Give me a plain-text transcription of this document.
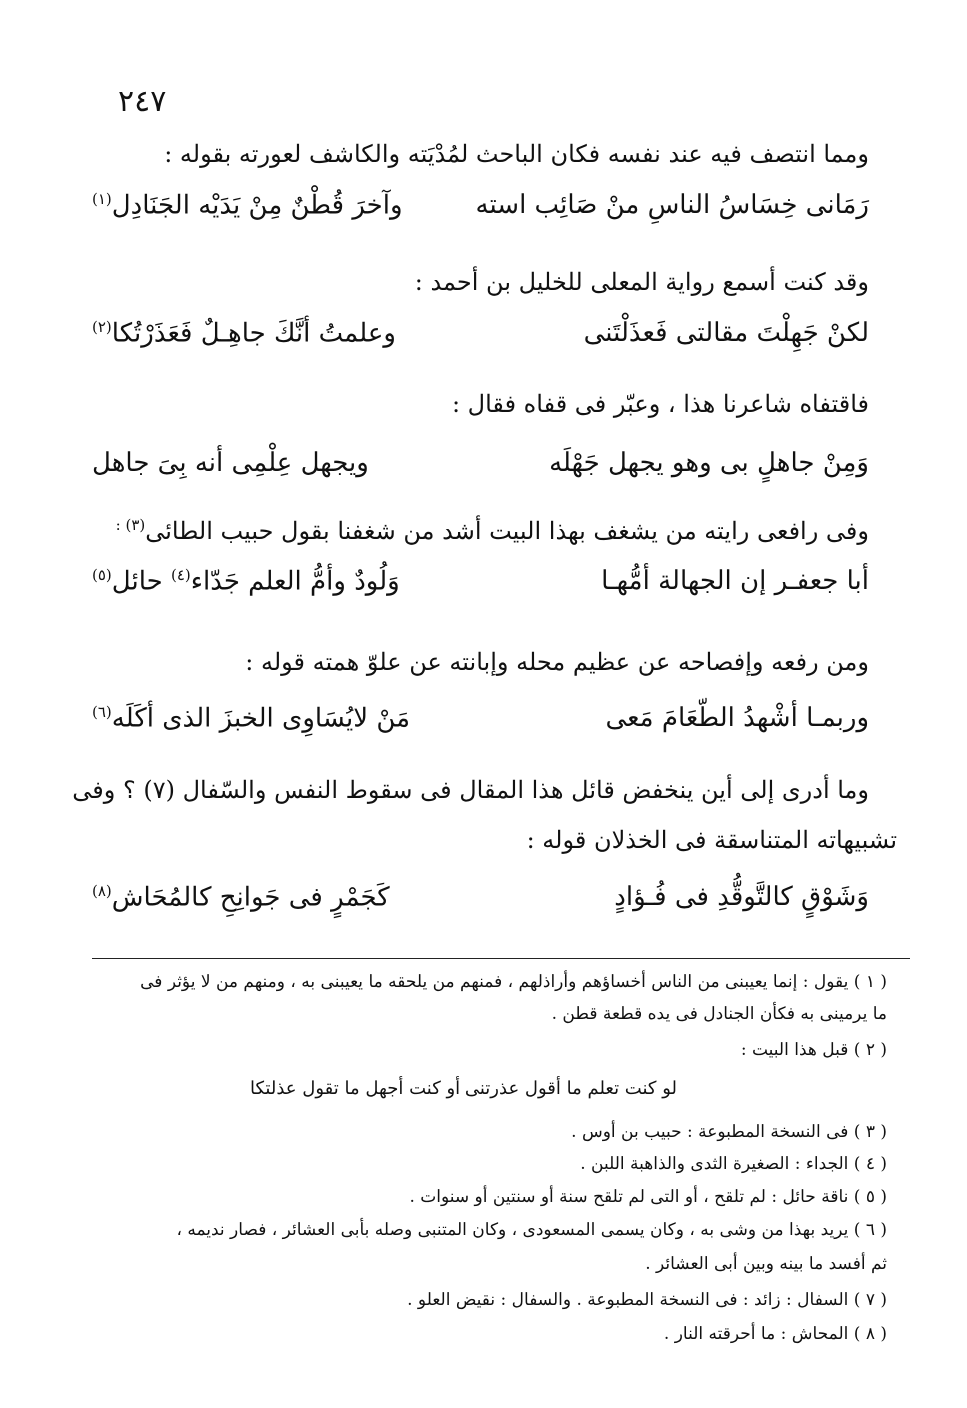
٢٤٧
ومما انتصف فيه عند نفسه فكان الباحث لمُدْيَته والكاشف لعورته بقوله :
رَمَانى خِسَاسُ الناسِ منْ صَائِب استه
وآخرَ قُطْنٌ مِنْ يَدَيْه الجَنَادِل$^{(١)}$
وقد كنت أسمع رواية المعلى للخليل بن أحمد :
لكنْ جَهِلْتَ مقالتى فَعذَلْتَنى
وعلمتُ أنَّكَ جاهِـلٌ فَعَذَرْتُكا$^{(٢)}$
فاقتفاه شاعرنا هذا ، وعبّر فى قفاه فقال :
وَمِنْ جاهلٍ بى وهو يجهل جَهْلَه
ويجهل عِلْمِى أنه بِىَ جاهل
وفى رافعى رايته من يشغف بهذا البيت أشد من شغفنا بقول حبيب الطائى$^{(٣) :}$
أبا جعفـر إن الجهالة أمُّهـا
وَلُودٌ وأمُّ العلم جَدّاء$^{(٤)}$ حائل$^{(٥)}$
ومن رفعه وإفصاحه عن عظيم محله وإبانته عن علوّ همته قوله :
وربمـا أشْهدُ الطّعَامَ مَعى
مَنْ لايُسَاوِى الخبزَ الذى أكَلَه$^{(٦)}$
وما أدرى إلى أين ينخفض قائل هذا المقال فى سقوط النفس والسّفال (٧) ؟ وفى
تشبيهاته المتناسقة فى الخذلان قوله :
وَشَوْقٍ كالتَّوقُّدِ فى فُـؤادٍ
كَجَمْرٍ فى جَوانِحِ كالمُحَاش$^{(٨)}$
( ١ ) يقول : إنما يعيبنى من الناس أخساؤهم وأراذلهم ، فمنهم من يلحقه ما يعيبنى به ، ومنهم من لا يؤثر فى
ما يرمينى به فكأن الجنادل فى يده قطعة قطن .
( ٢ ) قبل هذا البيت :
لو كنت تعلم ما أقول عذرتنى
أو كنت أجهل ما تقول عذلتكا
( ٣ ) فى النسخة المطبوعة : حبيب بن أوس .
( ٤ ) الجداء : الصغيرة الثدى والذاهبة اللبن .
( ٥ ) ناقة حائل : لم تلقح ، أو التى لم تلقح سنة أو سنتين أو سنوات .
( ٦ ) يريد بهذا من وشى به ، وكان يسمى المسعودى ، وكان المتنبى وصله بأبى العشائر ، فصار نديمه ،
ثم أفسد ما بينه وبين أبى العشائر .
( ٧ ) السفال : زائد : فى النسخة المطبوعة . والسفال : نقيض العلو .
( ٨ ) المحاش : ما أحرقته النار .
